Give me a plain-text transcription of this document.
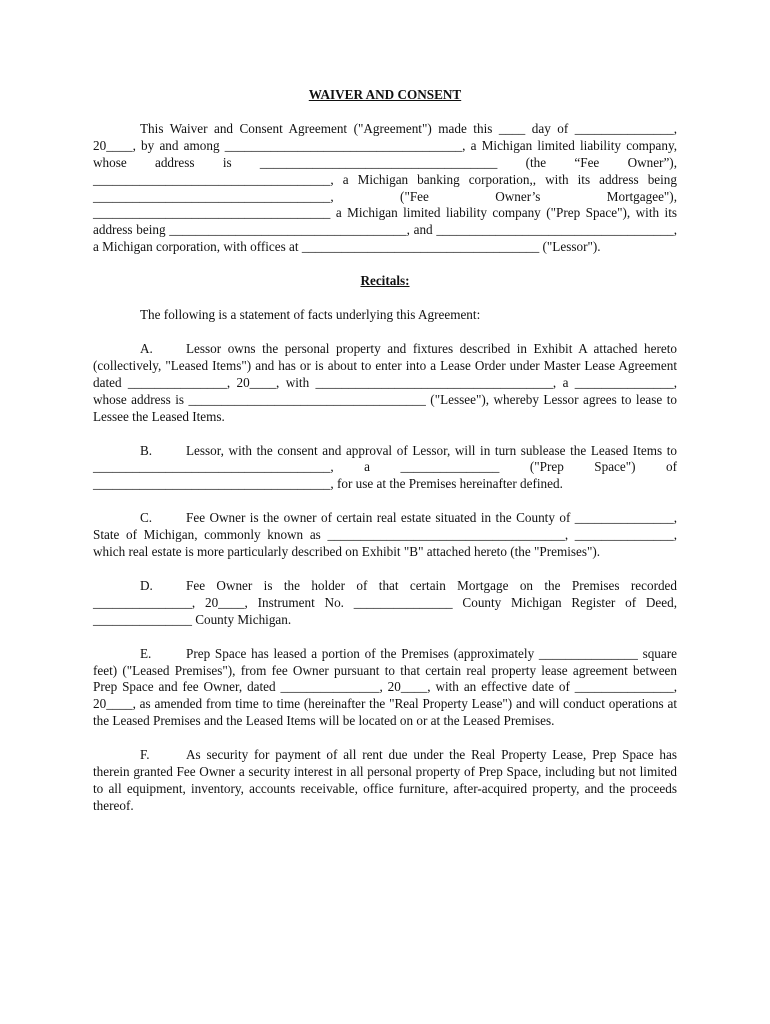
WAIVER AND CONSENT
This Waiver and Consent Agreement ("Agreement") made this ____ day of _______________, 20____, by and among ____________________________________, a Michigan limited liability company, whose address is ____________________________________ (the “Fee Owner”), ____________________________________, a Michigan banking corporation,, with its address being ____________________________________, ("Fee Owner’s Mortgagee"), ____________________________________ a Michigan limited liability company ("Prep Space"), with its address being ____________________________________, and ____________________________________, a Michigan corporation, with offices at ____________________________________ ("Lessor").
Recitals:
The following is a statement of facts underlying this Agreement:
A.	Lessor owns the personal property and fixtures described in Exhibit A attached hereto (collectively, "Leased Items") and has or is about to enter into a Lease Order under Master Lease Agreement dated _______________, 20____, with ____________________________________, a _______________, whose address is ____________________________________ ("Lessee"), whereby Lessor agrees to lease to Lessee the Leased Items.
B.	Lessor, with the consent and approval of Lessor, will in turn sublease the Leased Items to ____________________________________, a _______________ ("Prep Space") of ____________________________________, for use at the Premises hereinafter defined.
C.	Fee Owner is the owner of certain real estate situated in the County of _______________, State of Michigan, commonly known as ____________________________________, _______________, which real estate is more particularly described on Exhibit "B" attached hereto (the "Premises").
D.	Fee Owner is the holder of that certain Mortgage on the Premises recorded _______________, 20____, Instrument No. _______________ County Michigan Register of Deed, _______________ County Michigan.
E.	Prep Space has leased a portion of the Premises (approximately _______________ square feet) ("Leased Premises"), from fee Owner pursuant to that certain real property lease agreement between Prep Space and fee Owner, dated _______________, 20____, with an effective date of _______________, 20____, as amended from time to time (hereinafter the "Real Property Lease") and will conduct operations at the Leased Premises and the Leased Items will be located on or at the Leased Premises.
F.	As security for payment of all rent due under the Real Property Lease, Prep Space has therein granted Fee Owner a security interest in all personal property of Prep Space, including but not limited to all equipment, inventory, accounts receivable, office furniture, after-acquired property, and the proceeds thereof.
